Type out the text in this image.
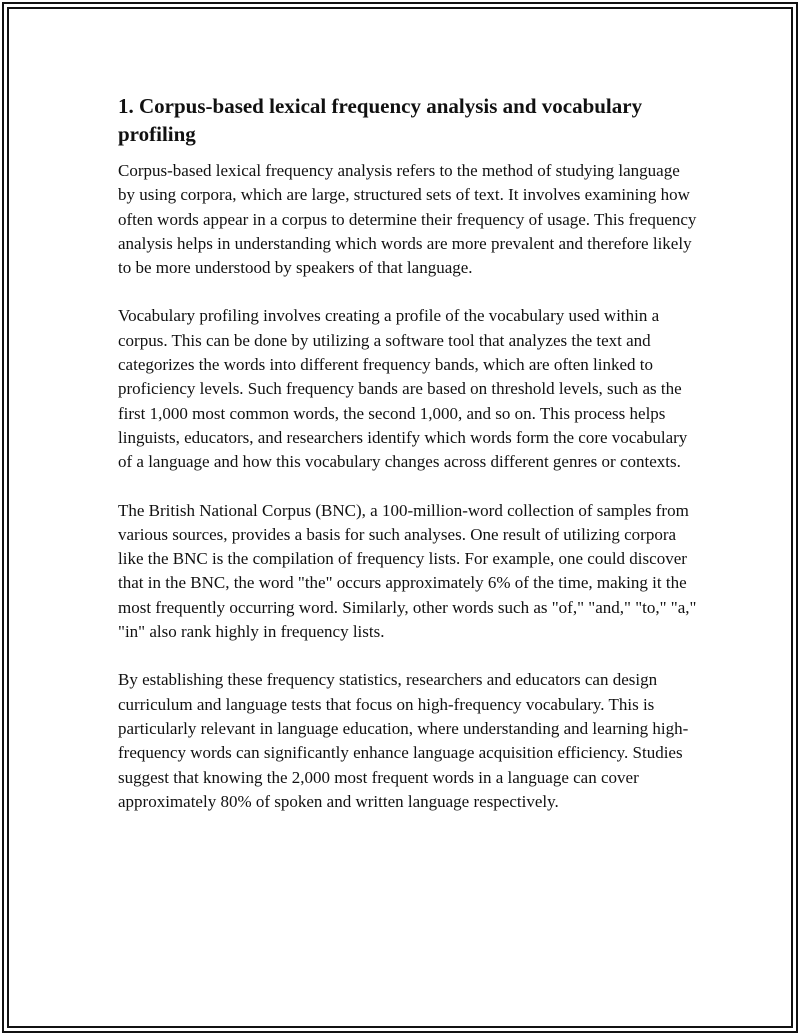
1. Corpus-based lexical frequency analysis and vocabulary profiling

Corpus-based lexical frequency analysis refers to the method of studying language by using corpora, which are large, structured sets of text. It involves examining how often words appear in a corpus to determine their frequency of usage. This frequency analysis helps in understanding which words are more prevalent and therefore likely to be more understood by speakers of that language.

Vocabulary profiling involves creating a profile of the vocabulary used within a corpus. This can be done by utilizing a software tool that analyzes the text and categorizes the words into different frequency bands, which are often linked to proficiency levels. Such frequency bands are based on threshold levels, such as the first 1,000 most common words, the second 1,000, and so on. This process helps linguists, educators, and researchers identify which words form the core vocabulary of a language and how this vocabulary changes across different genres or contexts.

The British National Corpus (BNC), a 100-million-word collection of samples from various sources, provides a basis for such analyses. One result of utilizing corpora like the BNC is the compilation of frequency lists. For example, one could discover that in the BNC, the word "the" occurs approximately 6% of the time, making it the most frequently occurring word. Similarly, other words such as "of," "and," "to," "a," "in" also rank highly in frequency lists.

By establishing these frequency statistics, researchers and educators can design curriculum and language tests that focus on high-frequency vocabulary. This is particularly relevant in language education, where understanding and learning high-frequency words can significantly enhance language acquisition efficiency. Studies suggest that knowing the 2,000 most frequent words in a language can cover approximately 80% of spoken and written language respectively.
